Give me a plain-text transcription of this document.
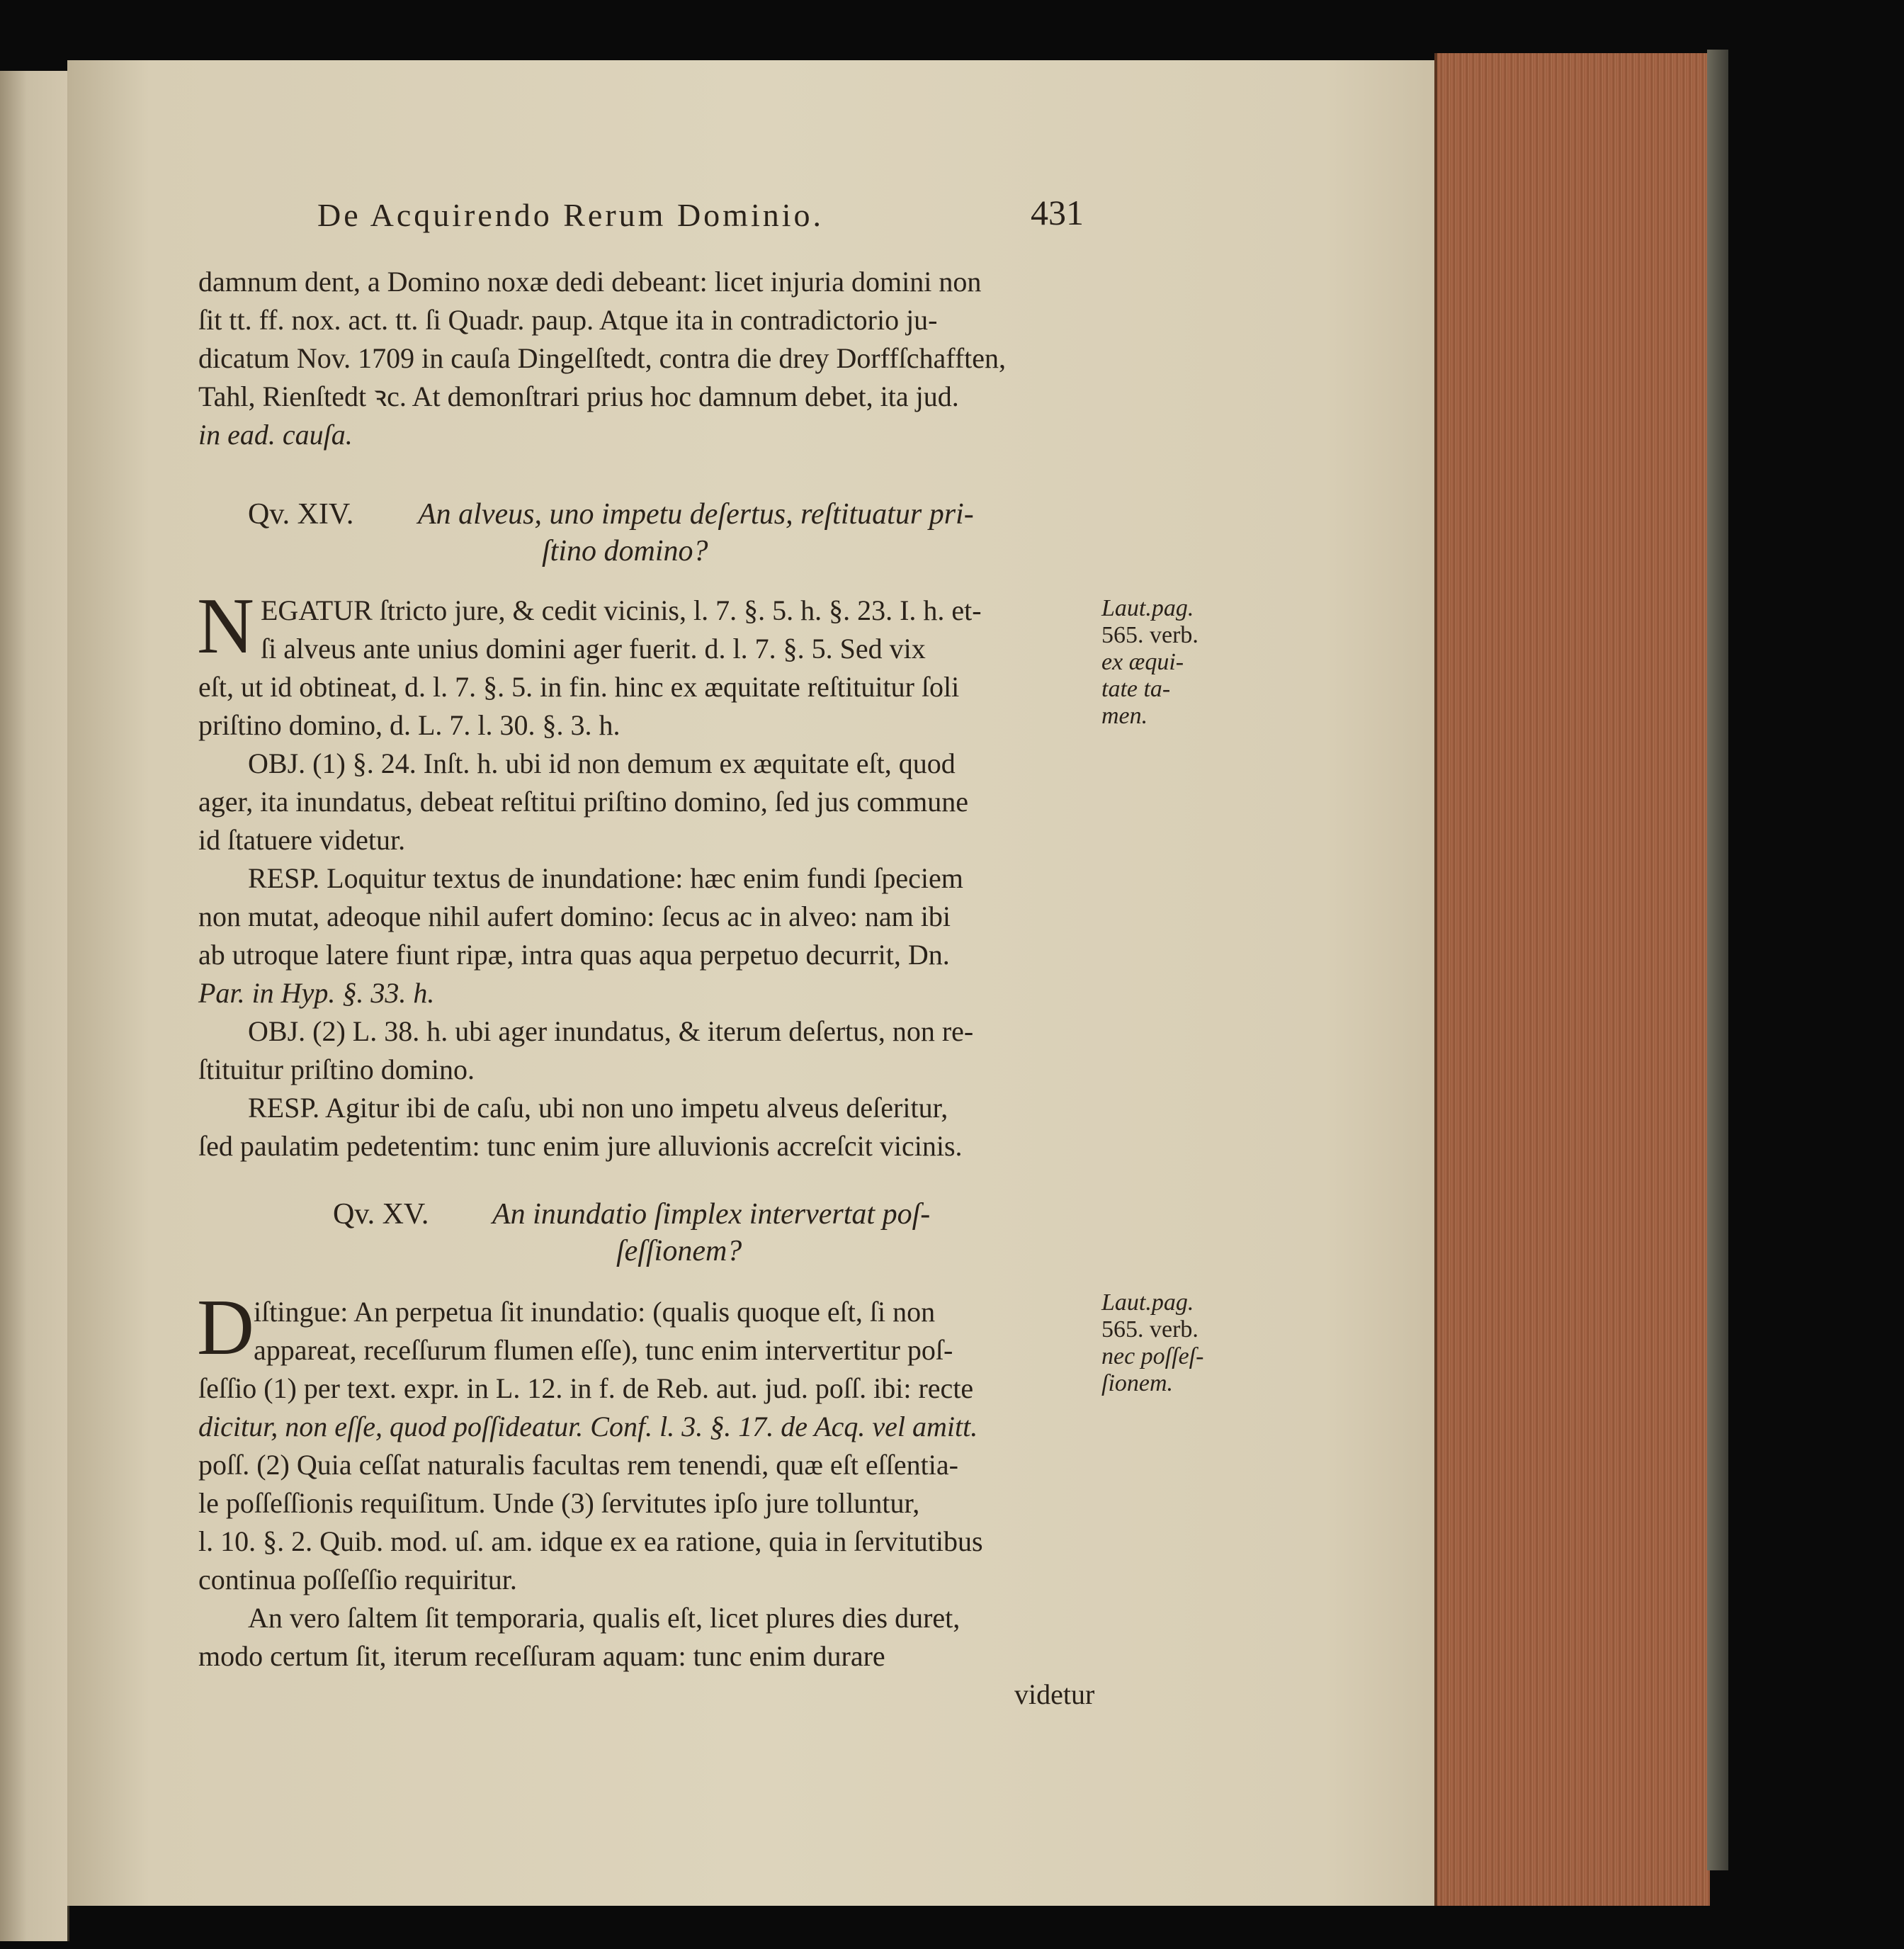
De Acquirendo Rerum Dominio.	431
damnum dent, a Domino noxæ dedi debeant: licet injuria domini non
ſit tt. ff. nox. act. tt. ſi Quadr. paup. Atque ita in contradictorio ju-
dicatum Nov. 1709 in cauſa Dingelſtedt, contra die drey Dorffſchafften,
Tahl, Rienſtedt ꝛc. At demonſtrari prius hoc damnum debet, ita jud.
in ead. cauſa.
Qv. XIV. An alveus, uno impetu deſertus, reſtituatur pri-
ſtino domino?
N EGATUR ſtricto jure, & cedit vicinis, l. 7. §. 5. h. §. 23. I. h. et-
ſi alveus ante unius domini ager fuerit. d. l. 7. §. 5. Sed vix
eſt, ut id obtineat, d. l. 7. §. 5. in fin. hinc ex æquitate reſtituitur ſoli
priſtino domino, d. L. 7. l. 30. §. 3. h.
Laut.pag.
565. verb.
ex æqui-
tate ta-
men.
OBJ. (1) §. 24. Inſt. h. ubi id non demum ex æquitate eſt, quod
ager, ita inundatus, debeat reſtitui priſtino domino, ſed jus commune
id ſtatuere videtur.
RESP. Loquitur textus de inundatione: hæc enim fundi ſpeciem
non mutat, adeoque nihil aufert domino: ſecus ac in alveo: nam ibi
ab utroque latere fiunt ripæ, intra quas aqua perpetuo decurrit, Dn.
Par. in Hyp. §. 33. h.
OBJ. (2) L. 38. h. ubi ager inundatus, & iterum deſertus, non re-
ſtituitur priſtino domino.
RESP. Agitur ibi de caſu, ubi non uno impetu alveus deſeritur,
ſed paulatim pedetentim: tunc enim jure alluvionis accreſcit vicinis.
Qv. XV. An inundatio ſimplex intervertat poſ-
ſeſſionem?
D iſtingue: An perpetua ſit inundatio: (qualis quoque eſt, ſi non
appareat, receſſurum flumen eſſe), tunc enim intervertitur poſ-
ſeſſio (1) per text. expr. in L. 12. in f. de Reb. aut. jud. poſſ. ibi: recte
dicitur, non eſſe, quod poſſideatur. Conf. l. 3. §. 17. de Acq. vel amitt.
poſſ. (2) Quia ceſſat naturalis facultas rem tenendi, quæ eſt eſſentia-
le poſſeſſionis requiſitum. Unde (3) ſervitutes ipſo jure tolluntur,
l. 10. §. 2. Quib. mod. uſ. am. idque ex ea ratione, quia in ſervitutibus
continua poſſeſſio requiritur.
An vero ſaltem ſit temporaria, qualis eſt, licet plures dies duret,
modo certum ſit, iterum receſſuram aquam: tunc enim durare
videtur
Laut.pag.
565. verb.
nec poſſeſ-
ſionem.
